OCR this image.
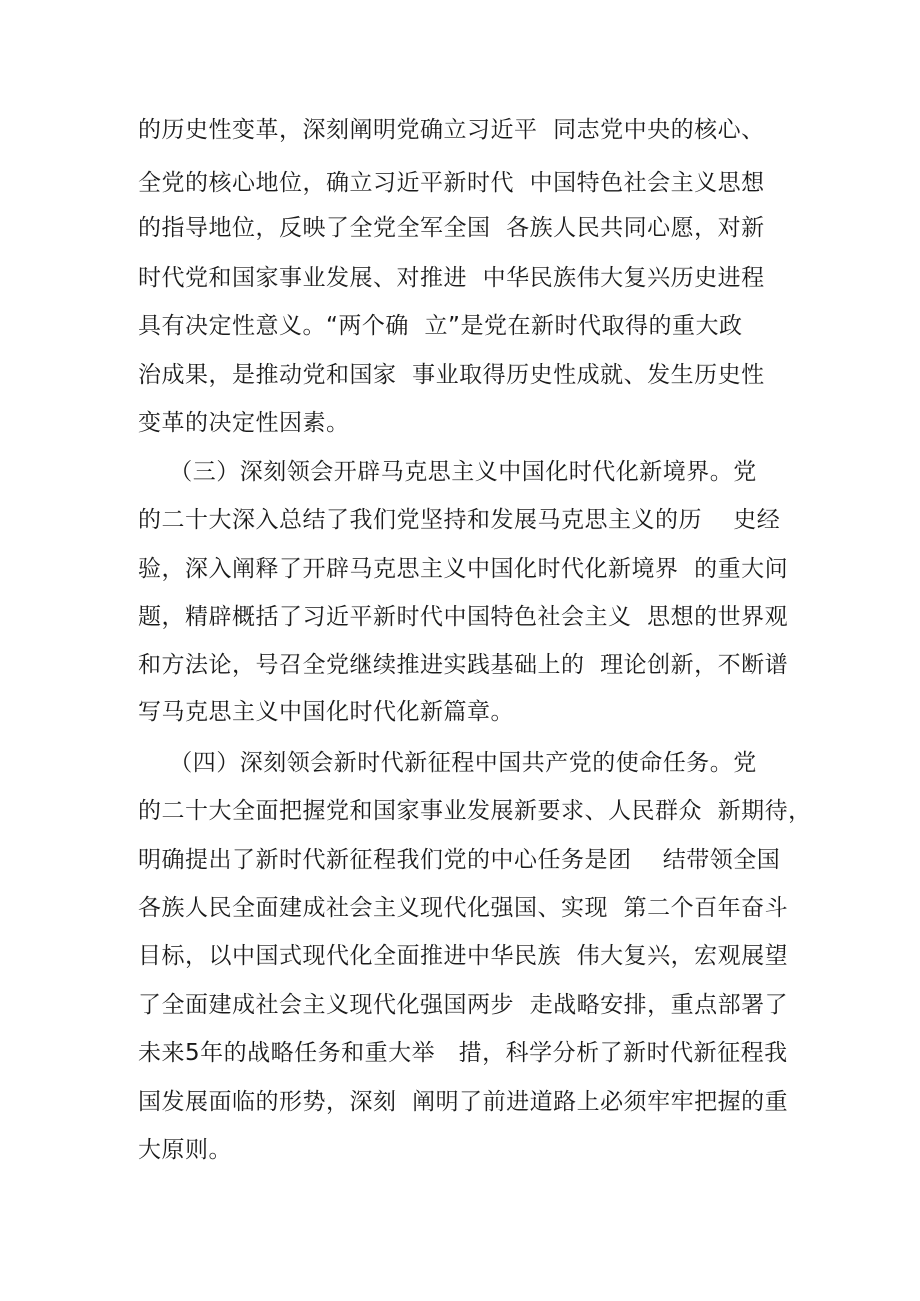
的历史性变革，深刻阐明党确立习近平  同志党中央的核心、
全党的核心地位，确立习近平新时代  中国特色社会主义思想
的指导地位，反映了全党全军全国  各族人民共同心愿，对新
时代党和国家事业发展、对推进  中华民族伟大复兴历史进程
具有决定性意义。“两个确  立”是党在新时代取得的重大政
治成果，是推动党和国家  事业取得历史性成就、发生历史性
变革的决定性因素。
（三）深刻领会开辟马克思主义中国化时代化新境界。党
的二十大深入总结了我们党坚持和发展马克思主义的历    史经
验，深入阐释了开辟马克思主义中国化时代化新境界  的重大问
题，精辟概括了习近平新时代中国特色社会主义  思想的世界观
和方法论，号召全党继续推进实践基础上的  理论创新，不断谱
写马克思主义中国化时代化新篇章。
（四）深刻领会新时代新征程中国共产党的使命任务。党
的二十大全面把握党和国家事业发展新要求、人民群众  新期待，
明确提出了新时代新征程我们党的中心任务是团    结带领全国
各族人民全面建成社会主义现代化强国、实现  第二个百年奋斗
目标，以中国式现代化全面推进中华民族  伟大复兴，宏观展望
了全面建成社会主义现代化强国两步  走战略安排，重点部署了
未来5年的战略任务和重大举   措，科学分析了新时代新征程我
国发展面临的形势，深刻  阐明了前进道路上必须牢牢把握的重
大原则。
